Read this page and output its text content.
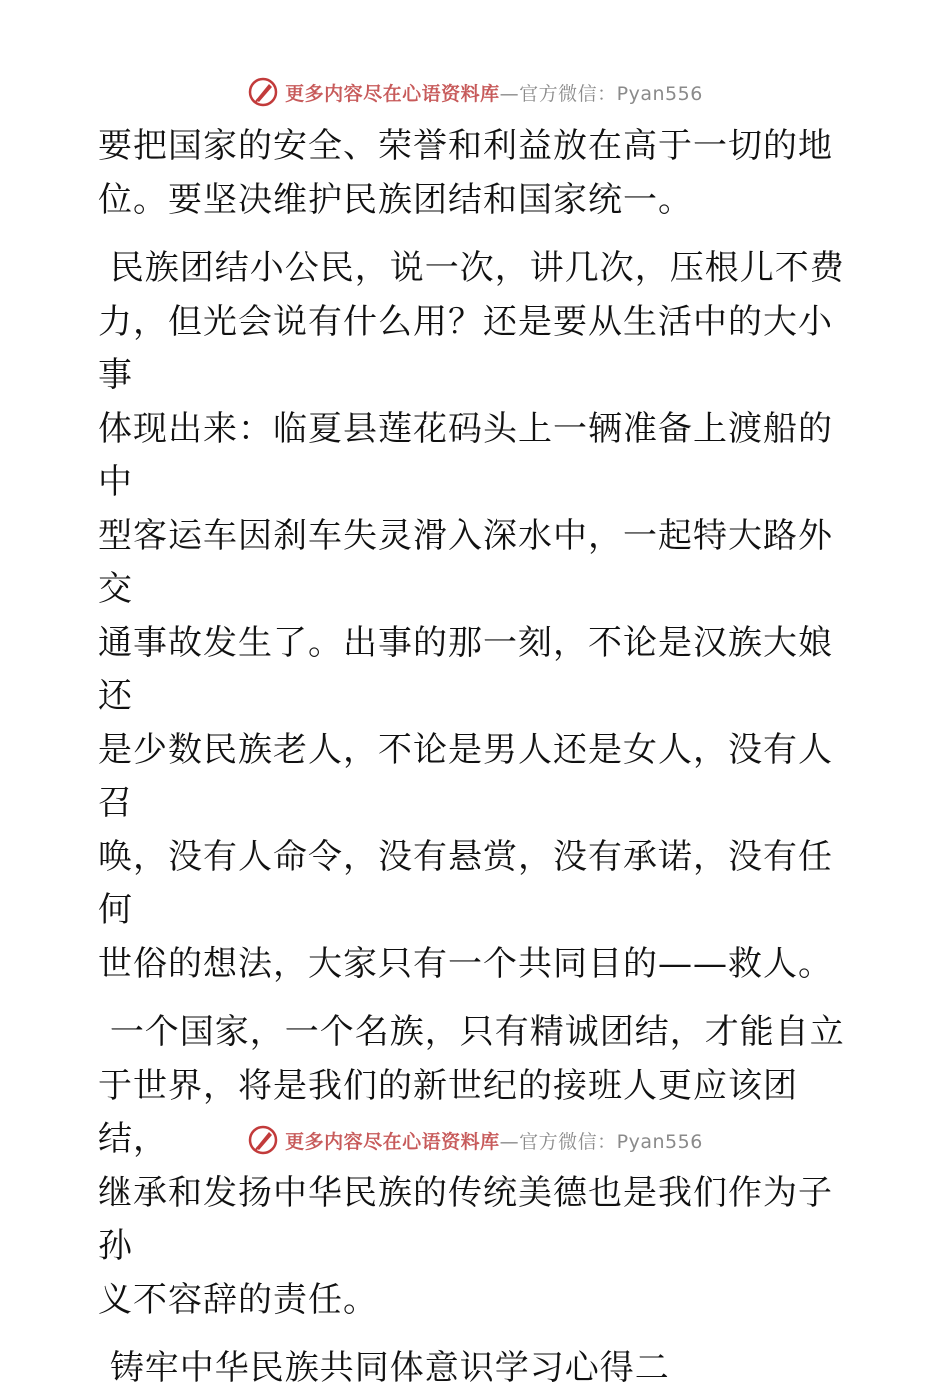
更多内容尽在心语资料库 —官方微信：Pyan556
要把国家的安全、荣誉和利益放在高于一切的地
位。要坚决维护民族团结和国家统一。
民族团结小公民，说一次，讲几次，压根儿不费
力，但光会说有什么用？还是要从生活中的大小事
体现出来：临夏县莲花码头上一辆准备上渡船的中
型客运车因刹车失灵滑入深水中，一起特大路外交
通事故发生了。出事的那一刻，不论是汉族大娘还
是少数民族老人，不论是男人还是女人，没有人召
唤，没有人命令，没有悬赏，没有承诺，没有任何
世俗的想法，大家只有一个共同目的——救人。
一个国家，一个名族，只有精诚团结，才能自立
于世界，将是我们的新世纪的接班人更应该团结，
继承和发扬中华民族的传统美德也是我们作为子孙
义不容辞的责任。
铸牢中华民族共同体意识学习心得二
更多内容尽在心语资料库 —官方微信：Pyan556
